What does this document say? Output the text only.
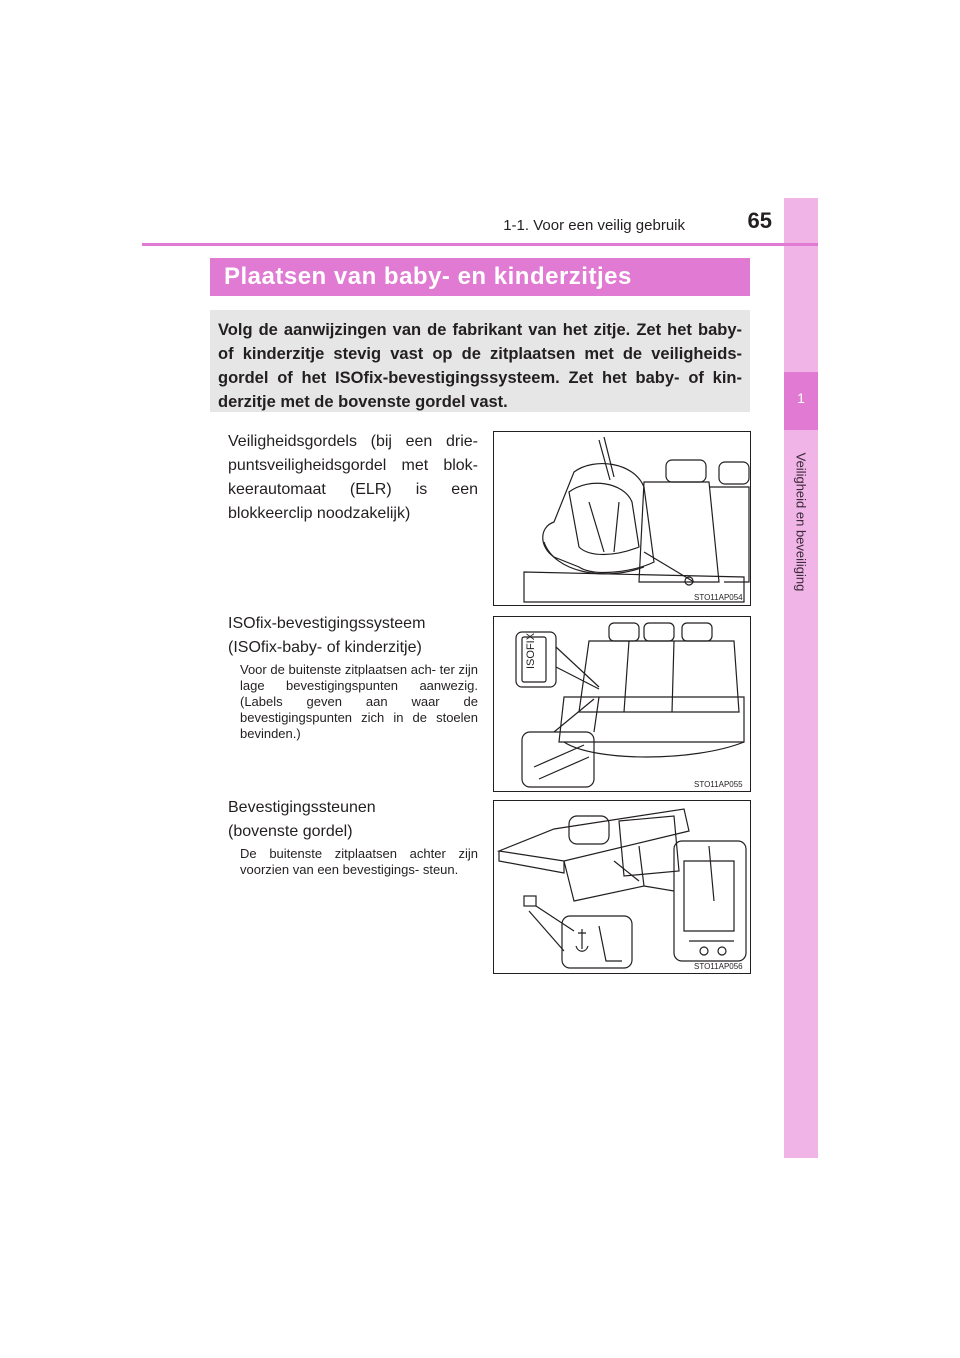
1
Veiligheid en beveiliging
1-1. Voor een veilig gebruik	65
Plaatsen van baby- en kinderzitjes
Volg de aanwijzingen van de fabrikant van het zitje. Zet het baby- of kinderzitje stevig vast op de zitplaatsen met de veiligheids- gordel of het ISOfix-bevestigingssysteem. Zet het baby- of kin- derzitje met de bovenste gordel vast.
Veiligheidsgordels (bij een drie- puntsveiligheidsgordel met blok- keerautomaat (ELR) is een blokkeerclip noodzakelijk)
STO11AP054
ISOfix-bevestigingssysteem
(ISOfix-baby- of kinderzitje)
Voor de buitenste zitplaatsen ach- ter zijn lage bevestigingspunten aanwezig. (Labels geven aan waar de bevestigingspunten zich in de stoelen bevinden.)
ISOFIX
STO11AP055
Bevestigingssteunen
(bovenste gordel)
De buitenste zitplaatsen achter zijn voorzien van een bevestigings- steun.
STO11AP056
